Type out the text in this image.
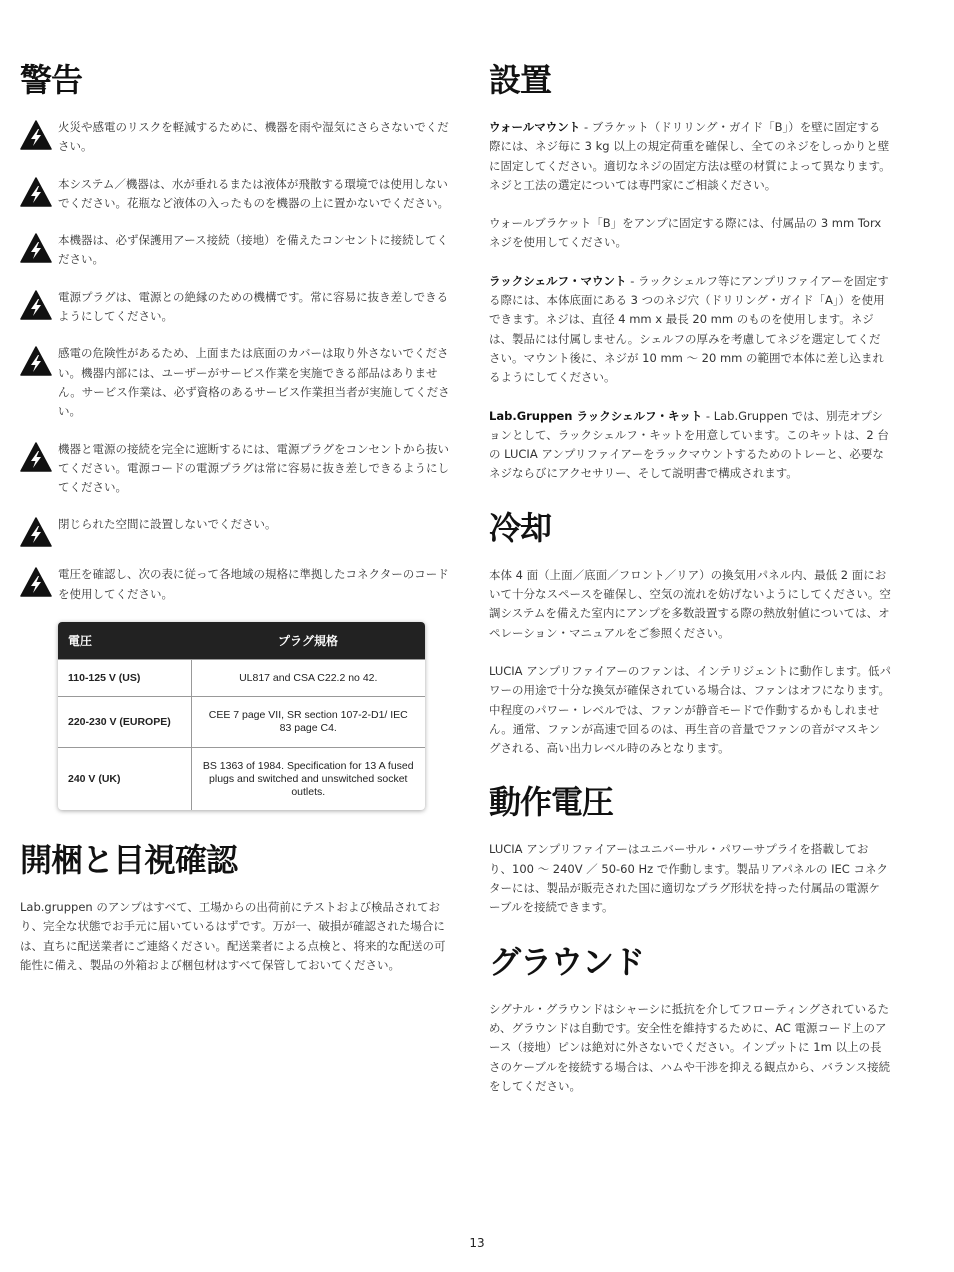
警告

火災や感電のリスクを軽減するために、機器を雨や湿気にさらさないでください。

本システム／機器は、水が垂れるまたは液体が飛散する環境では使用しないでください。花瓶など液体の入ったものを機器の上に置かないでください。

本機器は、必ず保護用アース接続（接地）を備えたコンセントに接続してください。

電源プラグは、電源との絶縁のための機構です。常に容易に抜き差しできるようにしてください。

感電の危険性があるため、上面または底面のカバーは取り外さないでください。機器内部には、ユーザーがサービス作業を実施できる部品はありません。サービス作業は、必ず資格のあるサービス作業担当者が実施してください。

機器と電源の接続を完全に遮断するには、電源プラグをコンセントから抜いてください。電源コードの電源プラグは常に容易に抜き差しできるようにしてください。

閉じられた空間に設置しないでください。

電圧を確認し、次の表に従って各地域の規格に準拠したコネクターのコードを使用してください。

電圧	プラグ規格
110-125 V (US)	UL817 and CSA C22.2 no 42.
220-230 V (EUROPE)	CEE 7 page VII, SR section 107-2-D1/ IEC 83 page C4.
240 V (UK)	BS 1363 of 1984. Specification for 13 A fused plugs and switched and unswitched socket outlets.
開梱と目視確認

Lab.gruppen のアンプはすべて、工場からの出荷前にテストおよび検品されており、完全な状態でお手元に届いているはずです。万が一、破損が確認された場合には、直ちに配送業者にご連絡ください。配送業者による点検と、将来的な配送の可能性に備え、製品の外箱および梱包材はすべて保管しておいてください。

設置

ウォールマウント - ブラケット（ドリリング・ガイド「B」）を壁に固定する際には、ネジ毎に 3 kg 以上の規定荷重を確保し、全てのネジをしっかりと壁に固定してください。適切なネジの固定方法は壁の材質によって異なります。ネジと工法の選定については専門家にご相談ください。

ウォールブラケット「B」をアンプに固定する際には、付属品の 3 mm Torx ネジを使用してください。

ラックシェルフ・マウント - ラックシェルフ等にアンプリファイアーを固定する際には、本体底面にある 3 つのネジ穴（ドリリング・ガイド「A」）を使用できます。ネジは、直径 4 mm x 最長 20 mm のものを使用します。ネジは、製品には付属しません。シェルフの厚みを考慮してネジを選定してください。マウント後に、ネジが 10 mm 〜 20 mm の範囲で本体に差し込まれるようにしてください。

Lab.Gruppen ラックシェルフ・キット - Lab.Gruppen では、別売オプションとして、ラックシェルフ・キットを用意しています。このキットは、2 台の LUCIA アンプリファイアーをラックマウントするためのトレーと、必要なネジならびにアクセサリー、そして説明書で構成されます。

冷却

本体 4 面（上面／底面／フロント／リア）の換気用パネル内、最低 2 面において十分なスペースを確保し、空気の流れを妨げないようにしてください。空調システムを備えた室内にアンプを多数設置する際の熱放射値については、オペレーション・マニュアルをご参照ください。

LUCIA アンプリファイアーのファンは、インテリジェントに動作します。低パワーの用途で十分な換気が確保されている場合は、ファンはオフになります。中程度のパワー・レベルでは、ファンが静音モードで作動するかもしれません。通常、ファンが高速で回るのは、再生音の音量でファンの音がマスキングされる、高い出力レベル時のみとなります。

動作電圧

LUCIA アンプリファイアーはユニバーサル・パワーサプライを搭載しており、100 〜 240V ／ 50-60 Hz で作動します。製品リアパネルの IEC コネクターには、製品が販売された国に適切なプラグ形状を持った付属品の電源ケーブルを接続できます。

グラウンド

シグナル・グラウンドはシャーシに抵抗を介してフローティングされているため、グラウンドは自動です。安全性を維持するために、AC 電源コード上のアース（接地）ピンは絶対に外さないでください。インプットに 1m 以上の長さのケーブルを接続する場合は、ハムや干渉を抑える観点から、バランス接続をしてください。

13
